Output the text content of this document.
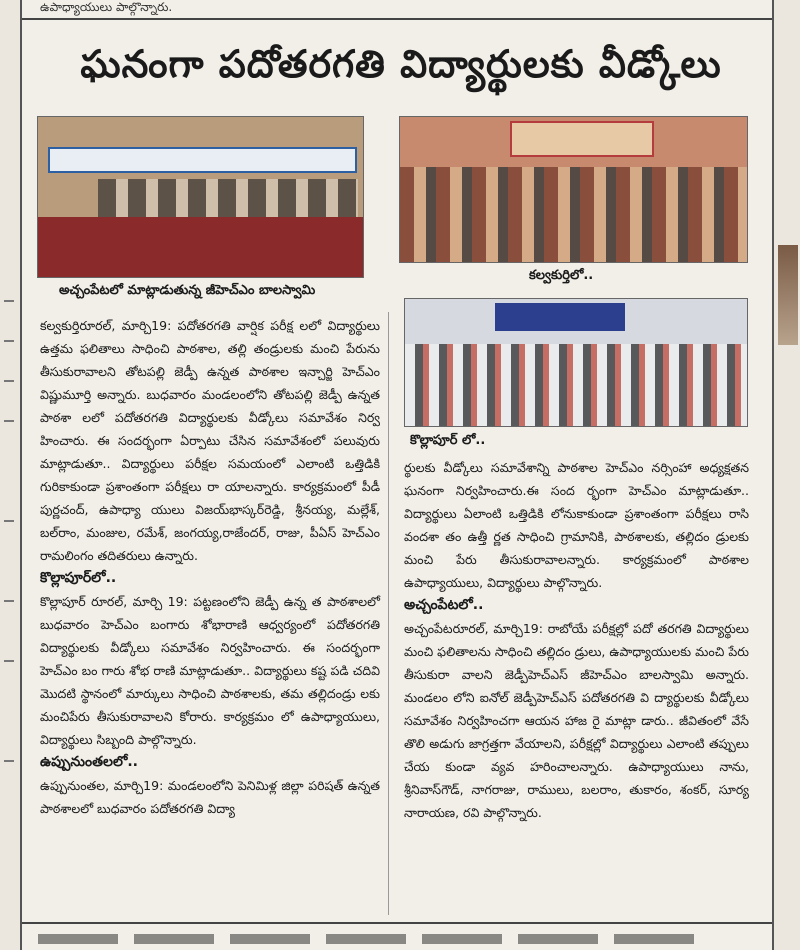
ఉపాధ్యాయులు పాల్గొన్నారు.
ఘనంగా పదోతరగతి విద్యార్థులకు వీడ్కోలు
అచ్చంపేటలో మాట్లాడుతున్న జీహెచ్ఎం బాలస్వామి
కల్వకుర్తిలో..
కొల్లాపూర్ లో..

కల్వకుర్తిరూరల్, మార్చి19: పదోతరగతి వార్షిక పరీక్ష లలో విద్యార్థులు ఉత్తమ ఫలితాలు సాధించి పాఠశాల, తల్లి తండ్రులకు మంచి పేరును తీసుకురావాలని తోటపల్లి జెడ్పీ ఉన్నత పాఠశాల ఇన్చార్జి హెచ్ఎం విష్ణుమూర్తి అన్నారు. బుధవారం మండలంలోని తోటపల్లి జెడ్పీ ఉన్నత పాఠశా లలో పదోతరగతి విద్యార్థులకు వీడ్కోలు సమావేశం నిర్వ హించారు. ఈ సందర్భంగా ఏర్పాటు చేసిన సమావేశంలో పలువురు మాట్లాడుతూ.. విద్యార్థులు పరీక్షల సమయంలో ఎలాంటి ఒత్తిడికి గురికాకుండా ప్రశాంతంగా పరీక్షలు రా యాలన్నారు. కార్యక్రమంలో పీడీ పుర్ణచంద్, ఉపాధ్యా యులు విజయ్‌భాస్కర్‌రెడ్డి, శ్రీనయ్య, మల్లేశ్, బల్‌రాం, మంజుల, రమేశ్, జంగయ్య,రాజేందర్, రాజు, పీఏస్ హెచ్ఎం రామలింగం తదితరులు ఉన్నారు.

కొల్లాపూర్‌లో..

కొల్లాపూర్ రూరల్, మార్చి 19: పట్టణంలోని జెడ్పీ ఉన్న త పాఠశాలలో బుధవారం హెచ్ఎం బంగారు శోభారాణి ఆధ్వర్యంలో పదోతరగతి విద్యార్థులకు వీడ్కోలు సమావేశం నిర్వహించారు. ఈ సందర్భంగా హెచ్ఎం బం గారు శోభ రాణి మాట్లాడుతూ.. విద్యార్థులు కష్ట పడి చదివి మొదటి స్థానంలో మార్కులు సాధించి పాఠశాలకు, తమ తల్లిదండ్రు లకు మంచిపేరు తీసుకురావాలని కోరారు. కార్యక్రమం లో ఉపాధ్యాయులు, విద్యార్థులు సిబ్బంది పాల్గొన్నారు.

ఉప్పునుంతలలో..

ఉప్పునుంతల, మార్చి19: మండలంలోని పెనిమిళ్ల జిల్లా పరిషత్ ఉన్నత పాఠశాలలో బుధవారం పదోతరగతి విద్యా

ర్థులకు వీడ్కోలు సమావేశాన్ని పాఠశాల హెచ్ఎం నర్సింహా అధ్యక్షతన ఘనంగా నిర్వహించారు.ఈ సంద ర్భంగా హెచ్ఎం మాట్లాడుతూ.. విద్యార్థులు ఏలాంటి ఒత్తిడికి లోనుకాకుండా ప్రశాంతంగా పరీక్షలు రాసి వందశా తం ఉత్తీ ర్ణత సాధించి గ్రామానికి, పాఠశాలకు, తల్లిదం డ్రులకు మంచి పేరు తీసుకురావాలన్నారు. కార్యక్రమంలో పాఠశాల ఉపాధ్యాయులు, విద్యార్థులు పాల్గొన్నారు.

అచ్చంపేటలో..

అచ్చంపేటరూరల్, మార్చి19: రాబోయే పరీక్షల్లో పదో తరగతి విద్యార్థులు మంచి ఫలితాలను సాధించి తల్లిదం డ్రులు, ఉపాధ్యాయులకు మంచి పేరు తీసుకురా వాలని జెడ్పీహెచ్ఎస్ జీహెచ్ఎం బాలస్వామి అన్నారు. మండలం లోని ఐనోల్ జెడ్పీహెచ్ఎస్ పదోతరగతి వి ద్యార్థులకు వీడ్కోలు సమావేశం నిర్వహించగా ఆయన హాజ రై మాట్లా డారు.. జీవితంలో వేసే తొలి అడుగు జాగ్రత్తగా వేయాలని, పరీక్షల్లో విద్యార్థులు ఎలాంటి తప్పులు చేయ కుండా వ్యవ హరించాలన్నారు. ఉపాధ్యాయులు నాను, శ్రీనివాస్‌గౌడ్, నాగరాజు, రాములు, బలరాం, తుకారం, శంకర్, సూర్య నారాయణ, రవి పాల్గొన్నారు.
